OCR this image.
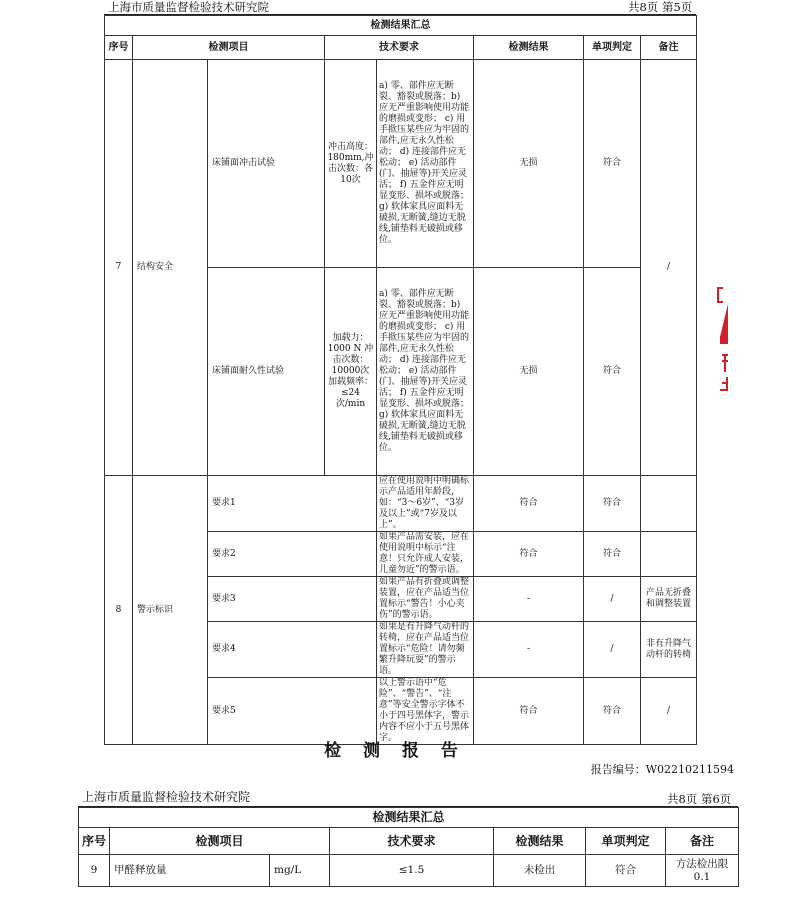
上海市质量监督检验技术研究院	共8页 第5页
检测结果汇总							
序号	检测项目		技术要求		检测结果	单项判定	备注
7	结构安全	床铺面冲击试验	冲击高度：180mm,冲击次数：各10次	a) 零、部件应无断裂、豁裂或脱落；b) 应无严重影响使用功能的磨损或变形； c) 用手揿压某些应为牢固的部件,应无永久性松动； d) 连接部件应无松动； e) 活动部件(门、抽屉等)开关应灵活； f) 五金件应无明显变形、损坏或脱落； g) 软体家具应面料无破损,无断簧,缝边无脱线,铺垫料无破损或移位。	无损	符合	/
		床铺面耐久性试验	加载力：1000 N 冲击次数：10000次 加载频率：≤24次/min	a) 零、部件应无断裂、豁裂或脱落；b) 应无严重影响使用功能的磨损或变形； c) 用手揿压某些应为牢固的部件,应无永久性松动； d) 连接部件应无松动； e) 活动部件(门、抽屉等)开关应灵活； f) 五金件应无明显变形、损坏或脱落； g) 软体家具应面料无破损,无断簧,缝边无脱线,铺垫料无破损或移位。	无损	符合	
8	警示标识	要求1		应在使用说明中明确标示产品适用年龄段，如：“3～6岁”、“3岁及以上”或“7岁及以上”。	符合	符合	
		要求2		如果产品需安装，应在使用说明中标示“注意！只允许成人安装，儿童勿近”的警示语。	符合	符合	
		要求3		如果产品有折叠或调整装置，应在产品适当位置标示“警告！小心夹伤”的警示语。	-	/	产品无折叠和调整装置
		要求4		如果是有升降气动杆的转椅，应在产品适当位置标示“危险！请勿频繁升降玩耍”的警示语。	-	/	非有升降气动杆的转椅
		要求5		以上警示语中“危险”、“警告”、“注意”等安全警示字体不小于四号黑体字，警示内容不应小于五号黑体字。	符合	符合	/
检 测 报 告
报告编号：W02210211594
上海市质量监督检验技术研究院	共8页 第6页
检测结果汇总						
序号	检测项目		技术要求	检测结果	单项判定	备注
9	甲醛释放量	mg/L	≤1.5	未检出	符合	方法检出限0.1
